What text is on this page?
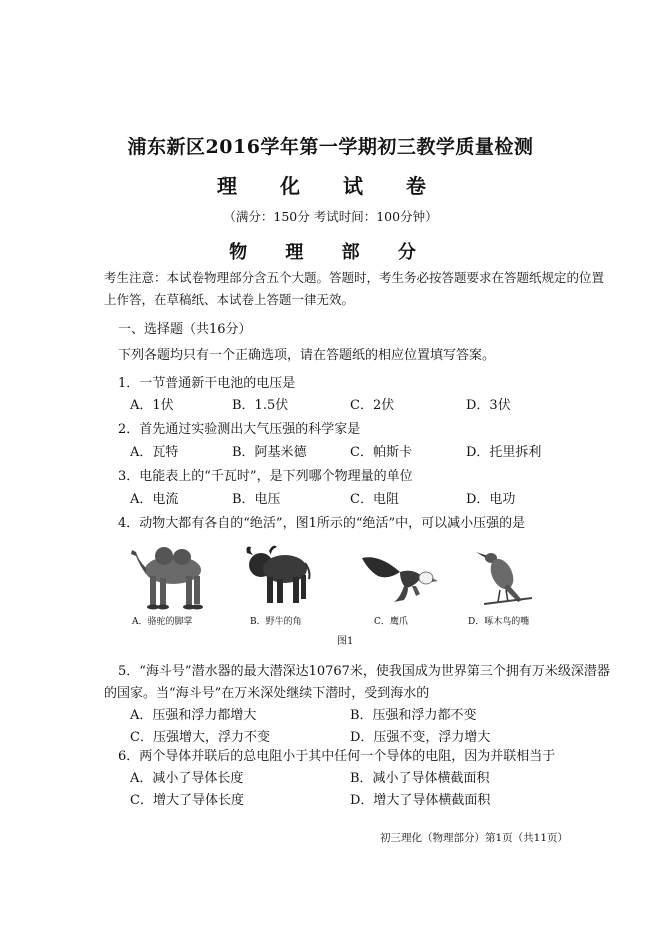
浦东新区2016学年第一学期初三教学质量检测
理 化 试 卷
（满分：150分 考试时间：100分钟）
物 理 部 分
考生注意：本试卷物理部分含五个大题。答题时，考生务必按答题要求在答题纸规定的位置
上作答，在草稿纸、本试卷上答题一律无效。
一、选择题（共16分）
下列各题均只有一个正确选项，请在答题纸的相应位置填写答案。
1．一节普通新干电池的电压是
A．1伏	B．1.5伏	C．2伏	D．3伏
2．首先通过实验测出大气压强的科学家是
A．瓦特	B．阿基米德	C．帕斯卡	D．托里拆利
3．电能表上的“千瓦时”，是下列哪个物理量的单位
A．电流	B．电压	C．电阻	D．电功
4．动物大都有各自的“绝活”，图1所示的“绝活”中，可以减小压强的是
A．骆驼的脚掌	B．野牛的角	C．鹰爪	D．啄木鸟的嘴
图1
5．“海斗号”潜水器的最大潜深达10767米，使我国成为世界第三个拥有万米级深潜器
的国家。当“海斗号”在万米深处继续下潜时，受到海水的
A．压强和浮力都增大	B．压强和浮力都不变
C．压强增大，浮力不变	D．压强不变，浮力增大
6．两个导体并联后的总电阻小于其中任何一个导体的电阻，因为并联相当于
A．减小了导体长度	B．减小了导体横截面积
C．增大了导体长度	D．增大了导体横截面积
初三理化（物理部分）第1页（共11页）
